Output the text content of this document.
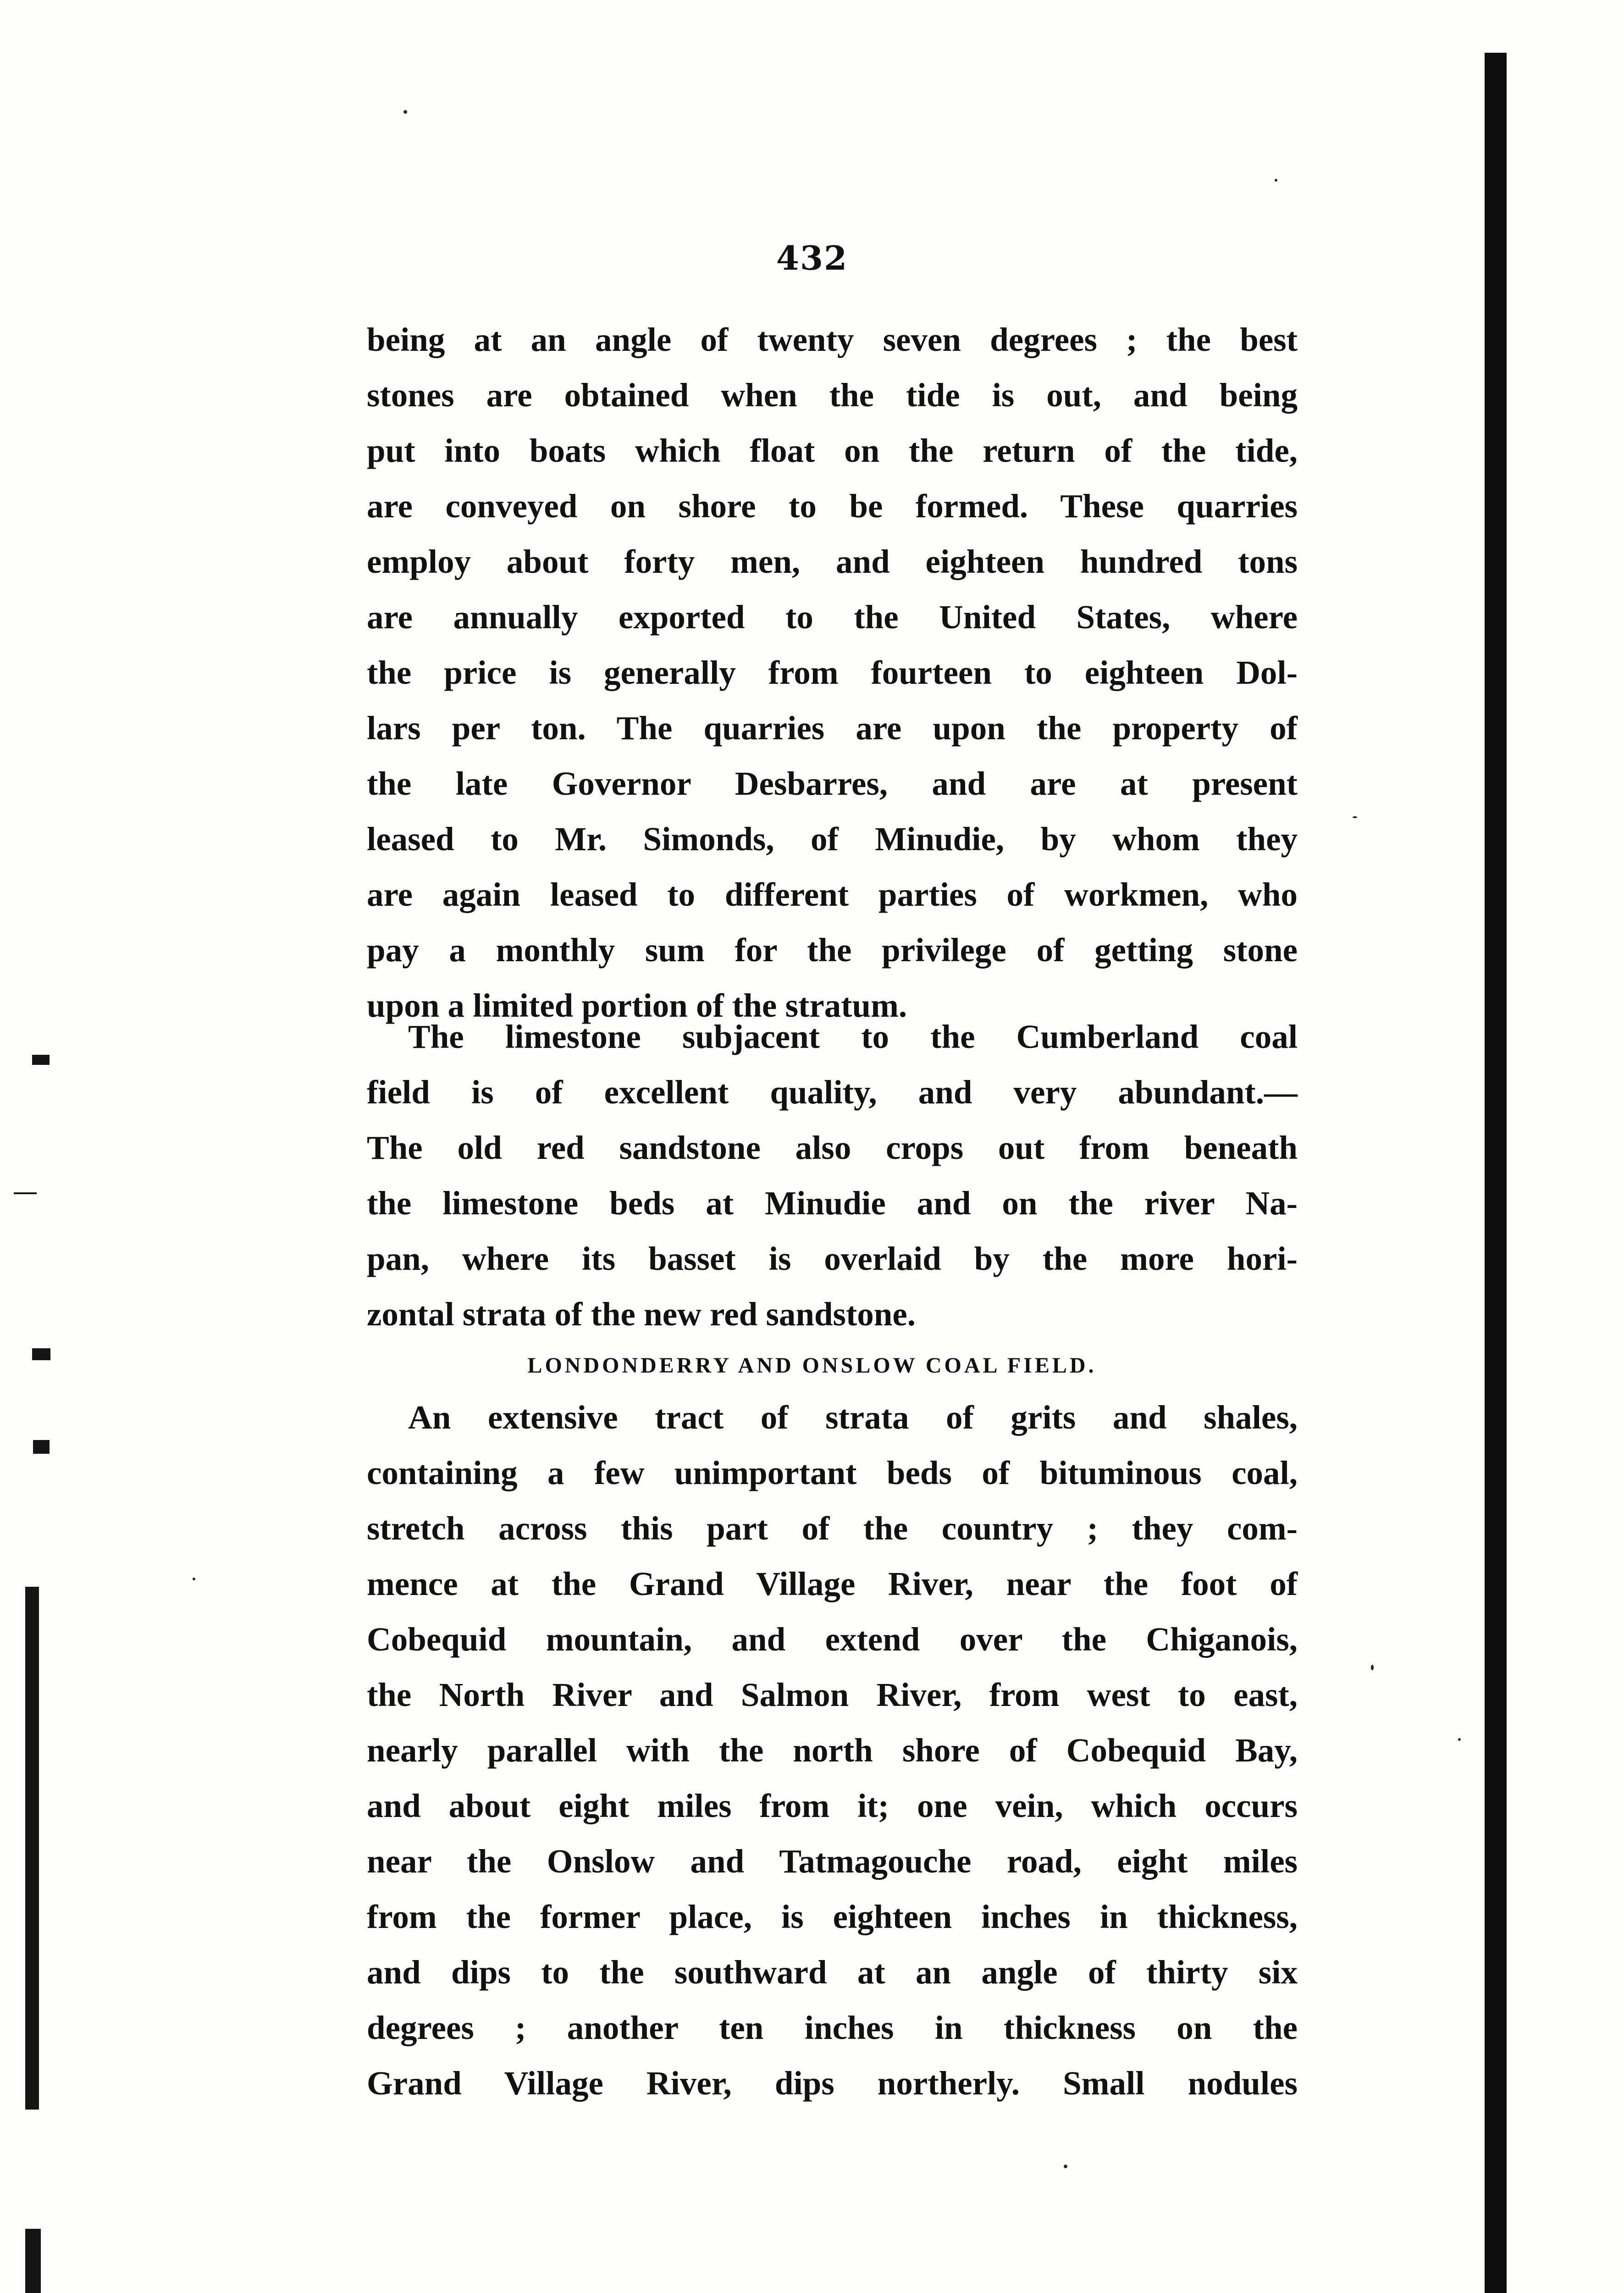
432
being at an angle of twenty seven degrees ; the best
stones are obtained when the tide is out, and being
put into boats which float on the return of the tide,
are conveyed on shore to be formed. These quarries
employ about forty men, and eighteen hundred tons
are annually exported to the United States, where
the price is generally from fourteen to eighteen Dol-
lars per ton. The quarries are upon the property of
the late Governor Desbarres, and are at present
leased to Mr. Simonds, of Minudie, by whom they
are again leased to different parties of workmen, who
pay a monthly sum for the privilege of getting stone
upon a limited portion of the stratum.
The limestone subjacent to the Cumberland coal
field is of excellent quality, and very abundant.—
The old red sandstone also crops out from beneath
the limestone beds at Minudie and on the river Na-
pan, where its basset is overlaid by the more hori-
zontal strata of the new red sandstone.
LONDONDERRY AND ONSLOW COAL FIELD.
An extensive tract of strata of grits and shales,
containing a few unimportant beds of bituminous coal,
stretch across this part of the country ; they com-
mence at the Grand Village River, near the foot of
Cobequid mountain, and extend over the Chiganois,
the North River and Salmon River, from west to east,
nearly parallel with the north shore of Cobequid Bay,
and about eight miles from it; one vein, which occurs
near the Onslow and Tatmagouche road, eight miles
from the former place, is eighteen inches in thickness,
and dips to the southward at an angle of thirty six
degrees ; another ten inches in thickness on the
Grand Village River, dips northerly. Small nodules
